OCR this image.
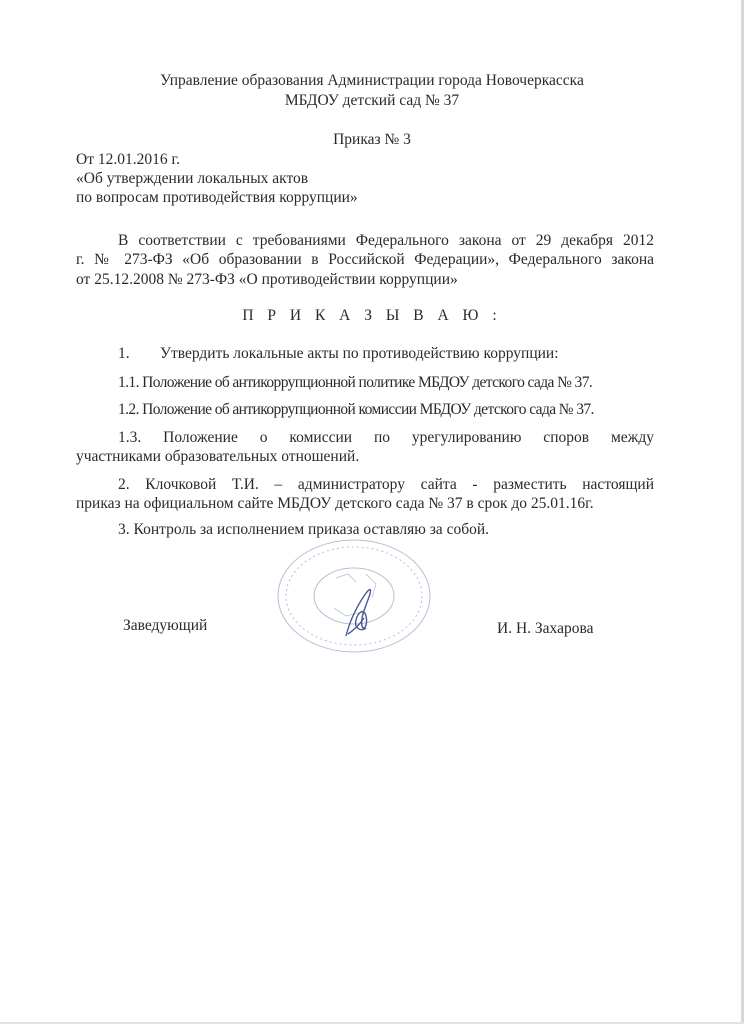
Управление образования Администрации города Новочеркасска
МБДОУ детский сад № 37
Приказ № 3
От 12.01.2016 г.
«Об утверждении локальных актов
по вопросам противодействия коррупции»
В соответствии с требованиями Федерального закона от 29 декабря 2012
г. № 273-ФЗ «Об образовании в Российской Федерации», Федерального закона
от 25.12.2008 № 273-ФЗ «О противодействии коррупции»
П Р И К А З Ы В А Ю :
1. Утвердить локальные акты по противодействию коррупции:
1.1. Положение об антикоррупционной политике МБДОУ детского сада № 37.
1.2. Положение об антикоррупционной комиссии МБДОУ детского сада № 37.
1.3. Положение о комиссии по урегулированию споров между
участниками образовательных отношений.
2. Клочковой Т.И. – администратору сайта - разместить настоящий
приказ на официальном сайте МБДОУ детского сада № 37 в срок до 25.01.16г.
3. Контроль за исполнением приказа оставляю за собой.
Заведующий	И. Н. Захарова
